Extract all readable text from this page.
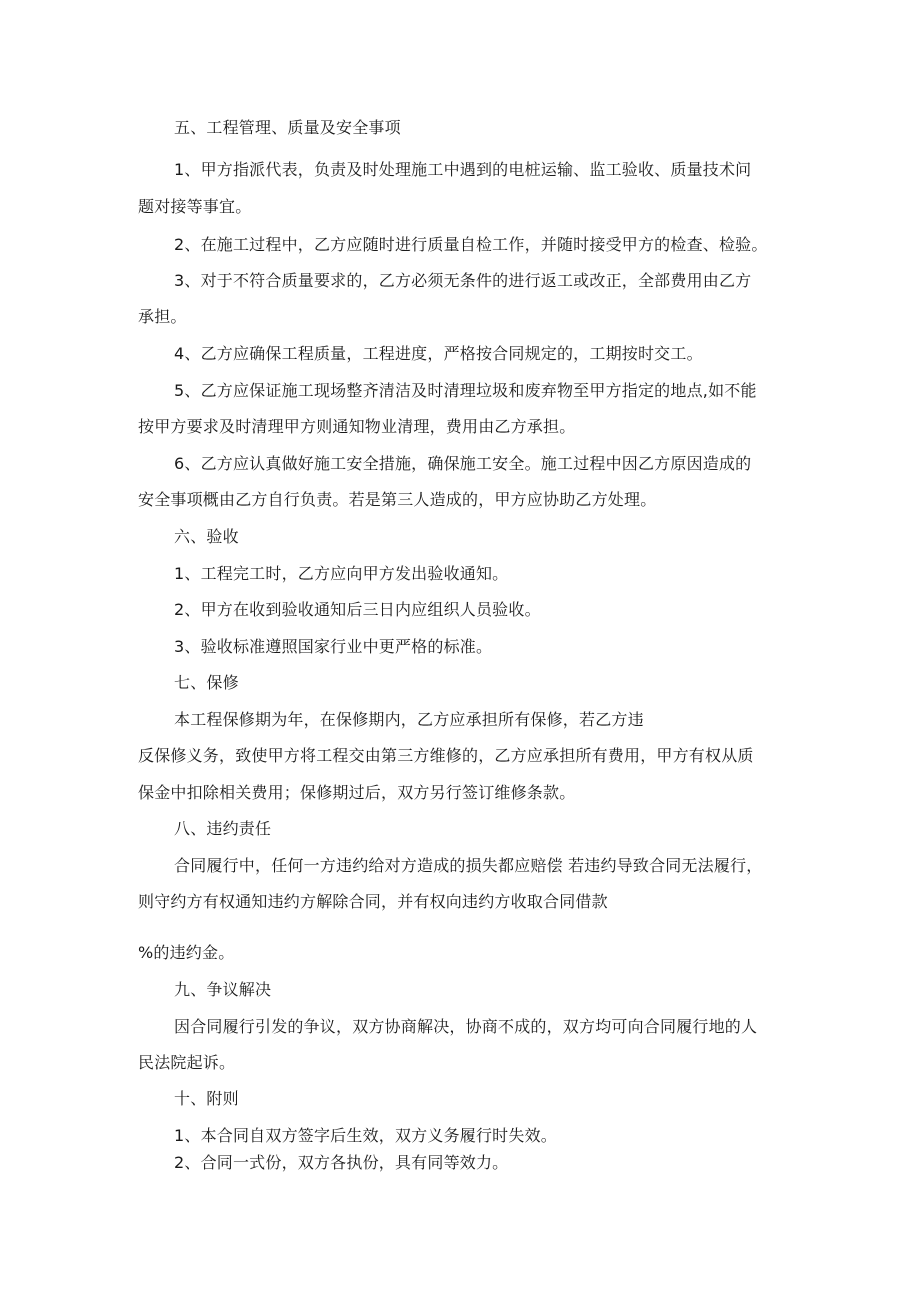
五、工程管理、质量及安全事项
1、甲方指派代表，负责及时处理施工中遇到的电桩运输、监工验收、质量技术问
题对接等事宜。
2、在施工过程中，乙方应随时进行质量自检工作，并随时接受甲方的检查、检验。
3、对于不符合质量要求的，乙方必须无条件的进行返工或改正，全部费用由乙方
承担。
4、乙方应确保工程质量，工程进度，严格按合同规定的，工期按时交工。
5、乙方应保证施工现场整齐清洁及时清理垃圾和废弃物至甲方指定的地点,如不能
按甲方要求及时清理甲方则通知物业清理，费用由乙方承担。
6、乙方应认真做好施工安全措施，确保施工安全。施工过程中因乙方原因造成的
安全事项概由乙方自行负责。若是第三人造成的，甲方应协助乙方处理。
六、验收
1、工程完工时，乙方应向甲方发出验收通知。
2、甲方在收到验收通知后三日内应组织人员验收。
3、验收标准遵照国家行业中更严格的标准。
七、保修
本工程保修期为年，在保修期内，乙方应承担所有保修，若乙方违
反保修义务，致使甲方将工程交由第三方维修的，乙方应承担所有费用，甲方有权从质
保金中扣除相关费用；保修期过后，双方另行签订维修条款。
八、违约责任
合同履行中，任何一方违约给对方造成的损失都应赔偿 若违约导致合同无法履行，
则守约方有权通知违约方解除合同，并有权向违约方收取合同借款
%的违约金。
九、争议解决
因合同履行引发的争议，双方协商解决，协商不成的，双方均可向合同履行地的人
民法院起诉。
十、附则
1、本合同自双方签字后生效，双方义务履行时失效。
2、合同一式份，双方各执份，具有同等效力。
